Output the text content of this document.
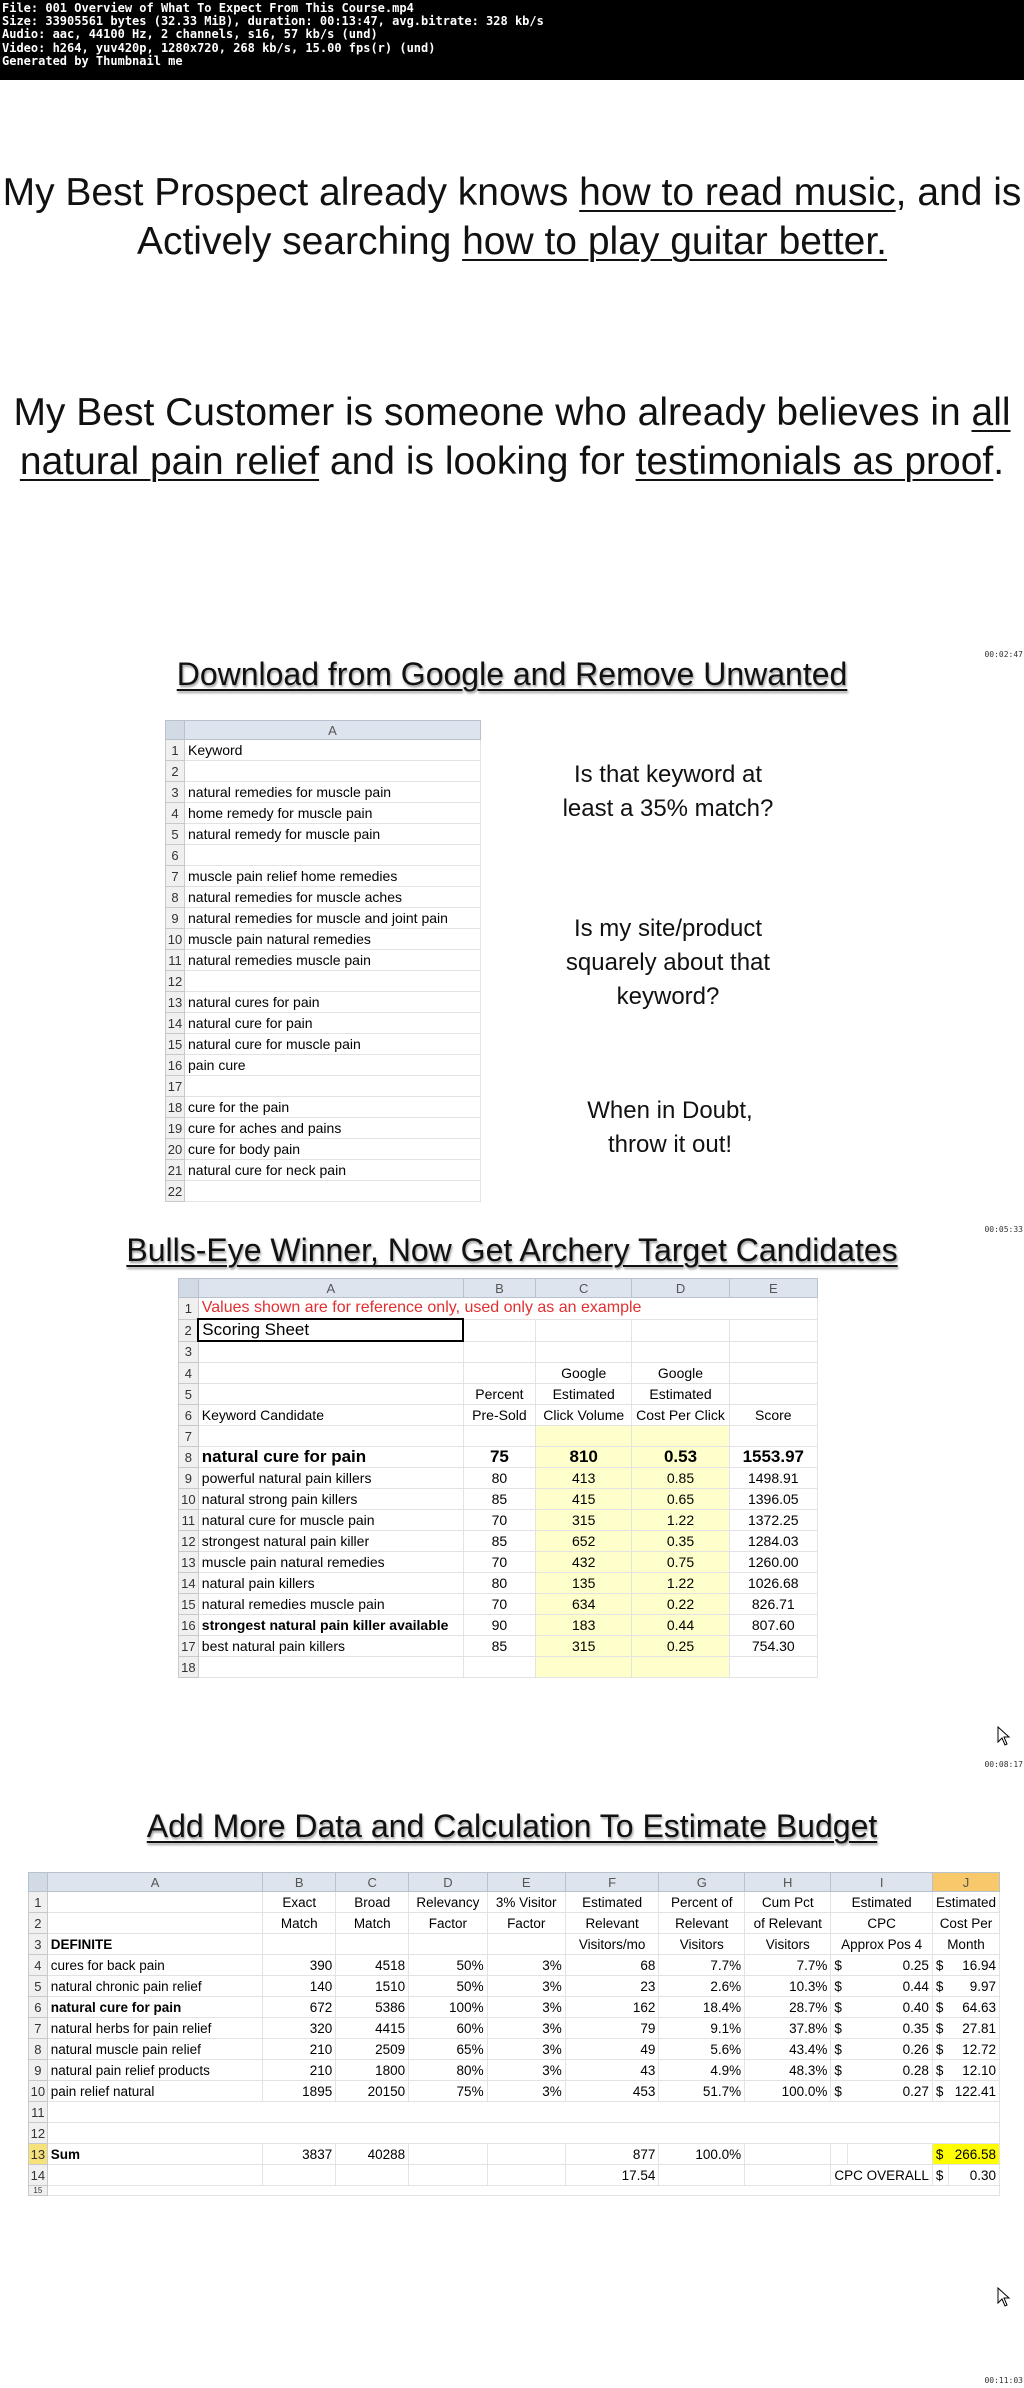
File: 001 Overview of What To Expect From This Course.mp4
Size: 33905561 bytes (32.33 MiB), duration: 00:13:47, avg.bitrate: 328 kb/s
Audio: aac, 44100 Hz, 2 channels, s16, 57 kb/s (und)
Video: h264, yuv420p, 1280x720, 268 kb/s, 15.00 fps(r) (und)
Generated by Thumbnail me
My Best Prospect already knows how to read music, and is Actively searching how to play guitar better.
My Best Customer is someone who already believes in all natural pain relief and is looking for testimonials as proof.
00:02:47
Download from Google and Remove Unwanted
	A
1	Keyword
2	
3	natural remedies for muscle pain
4	home remedy for muscle pain
5	natural remedy for muscle pain
6	
7	muscle pain relief home remedies
8	natural remedies for muscle aches
9	natural remedies for muscle and joint pain
10	muscle pain natural remedies
11	natural remedies muscle pain
12	
13	natural cures for pain
14	natural cure for pain
15	natural cure for muscle pain
16	pain cure
17	
18	cure for the pain
19	cure for aches and pains
20	cure for body pain
21	natural cure for neck pain
22	
Is that keyword at least a 35% match?
Is my site/product squarely about that keyword?
When in Doubt, throw it out!
00:05:33
Bulls-Eye Winner, Now Get Archery Target Candidates
	A	B	C	D	E
1	Values shown are for reference only, used only as an example				
2	Scoring Sheet				
3					
4			Google	Google	
5		Percent	Estimated	Estimated	
6	Keyword Candidate	Pre-Sold	Click Volume	Cost Per Click	Score
7					
8	natural cure for pain	75	810	0.53	1553.97
9	powerful natural pain killers	80	413	0.85	1498.91
10	natural strong pain killers	85	415	0.65	1396.05
11	natural cure for muscle pain	70	315	1.22	1372.25
12	strongest natural pain killer	85	652	0.35	1284.03
13	muscle pain natural remedies	70	432	0.75	1260.00
14	natural pain killers	80	135	1.22	1026.68
15	natural remedies muscle pain	70	634	0.22	826.71
16	strongest natural pain killer available	90	183	0.44	807.60
17	best natural pain killers	85	315	0.25	754.30
18					
00:08:17
Add More Data and Calculation To Estimate Budget
	A	B	C	D	E	F	G	H	I		J	
1		Exact	Broad	Relevancy	3% Visitor	Estimated	Percent of	Cum Pct	Estimated		Estimated	
2		Match	Match	Factor	Factor	Relevant	Relevant	of Relevant	CPC		Cost Per	
3	DEFINITE					Visitors/mo	Visitors	Visitors	Approx Pos 4		Month	
4	cures for back pain	390	4518	50%	3%	68	7.7%	7.7%	$	0.25	$	16.94
5	natural chronic pain relief	140	1510	50%	3%	23	2.6%	10.3%	$	0.44	$	9.97
6	natural cure for pain	672	5386	100%	3%	162	18.4%	28.7%	$	0.40	$	64.63
7	natural herbs for pain relief	320	4415	60%	3%	79	9.1%	37.8%	$	0.35	$	27.81
8	natural muscle pain relief	210	2509	65%	3%	49	5.6%	43.4%	$	0.26	$	12.72
9	natural pain relief products	210	1800	80%	3%	43	4.9%	48.3%	$	0.28	$	12.10
10	pain relief natural	1895	20150	75%	3%	453	51.7%	100.0%	$	0.27	$	122.41
11												
12												
13	Sum	3837	40288			877	100.0%				$	266.58
14						17.54			CPC OVERALL		$	0.30
15												
00:11:03
